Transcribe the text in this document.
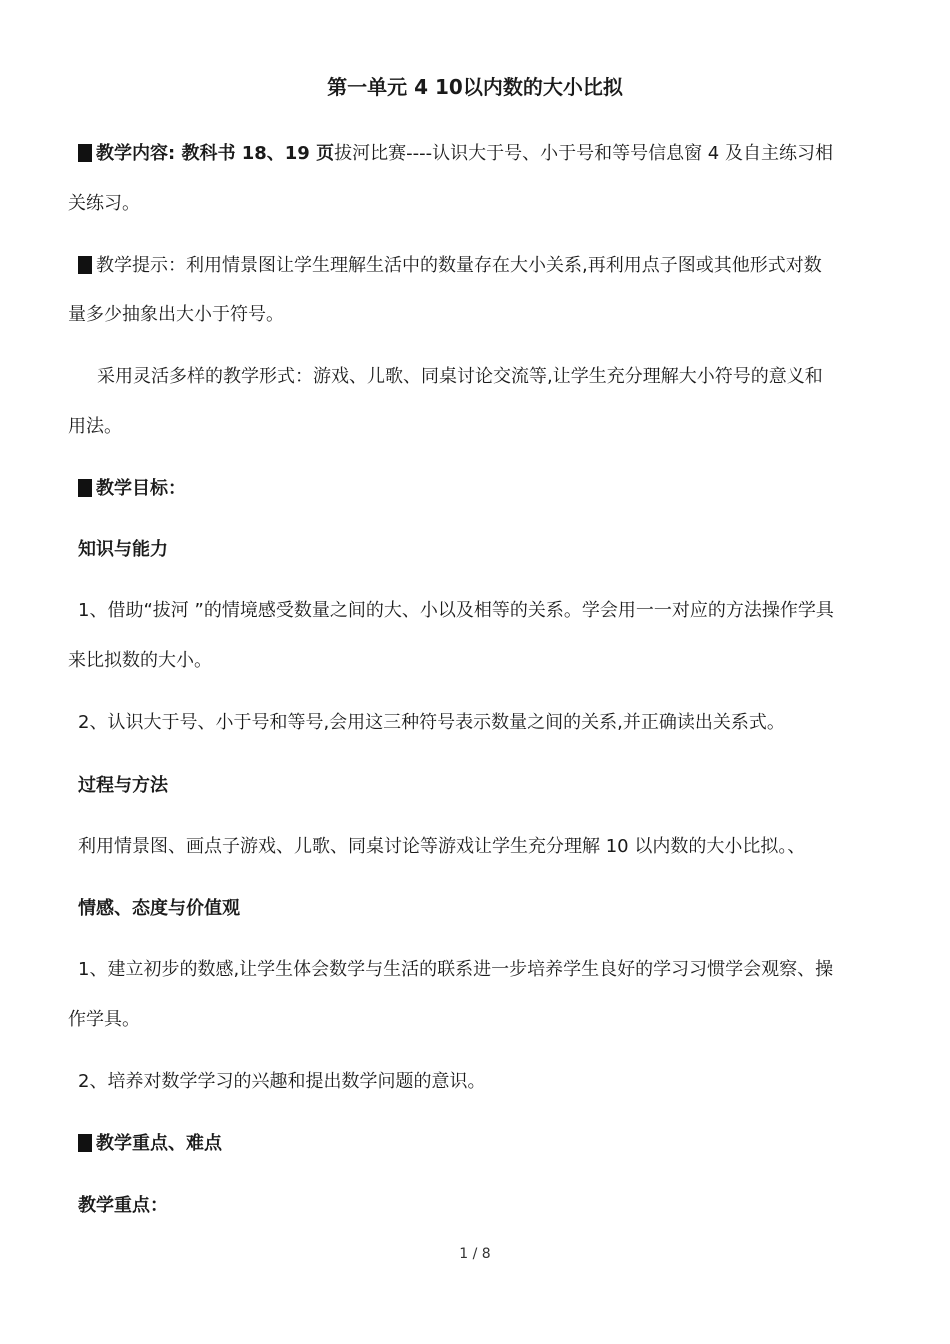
第一单元 4 10以内数的大小比拟
教学内容: 教科书 18、19 页拔河比赛----认识大于号、小于号和等号信息窗 4 及自主练习相
关练习。
教学提示：利用情景图让学生理解生活中的数量存在大小关系,再利用点子图或其他形式对数
量多少抽象出大小于符号。
采用灵活多样的教学形式：游戏、儿歌、同桌讨论交流等,让学生充分理解大小符号的意义和
用法。
教学目标：
知识与能力
1、借助“拔河 ”的情境感受数量之间的大、小以及相等的关系。学会用一一对应的方法操作学具
来比拟数的大小。
2、认识大于号、小于号和等号,会用这三种符号表示数量之间的关系,并正确读出关系式。
过程与方法
利用情景图、画点子游戏、儿歌、同桌讨论等游戏让学生充分理解 10 以内数的大小比拟。、
情感、态度与价值观
1、建立初步的数感,让学生体会数学与生活的联系进一步培养学生良好的学习习惯学会观察、操
作学具。
2、培养对数学学习的兴趣和提出数学问题的意识。
教学重点、难点
教学重点：
1 / 8
